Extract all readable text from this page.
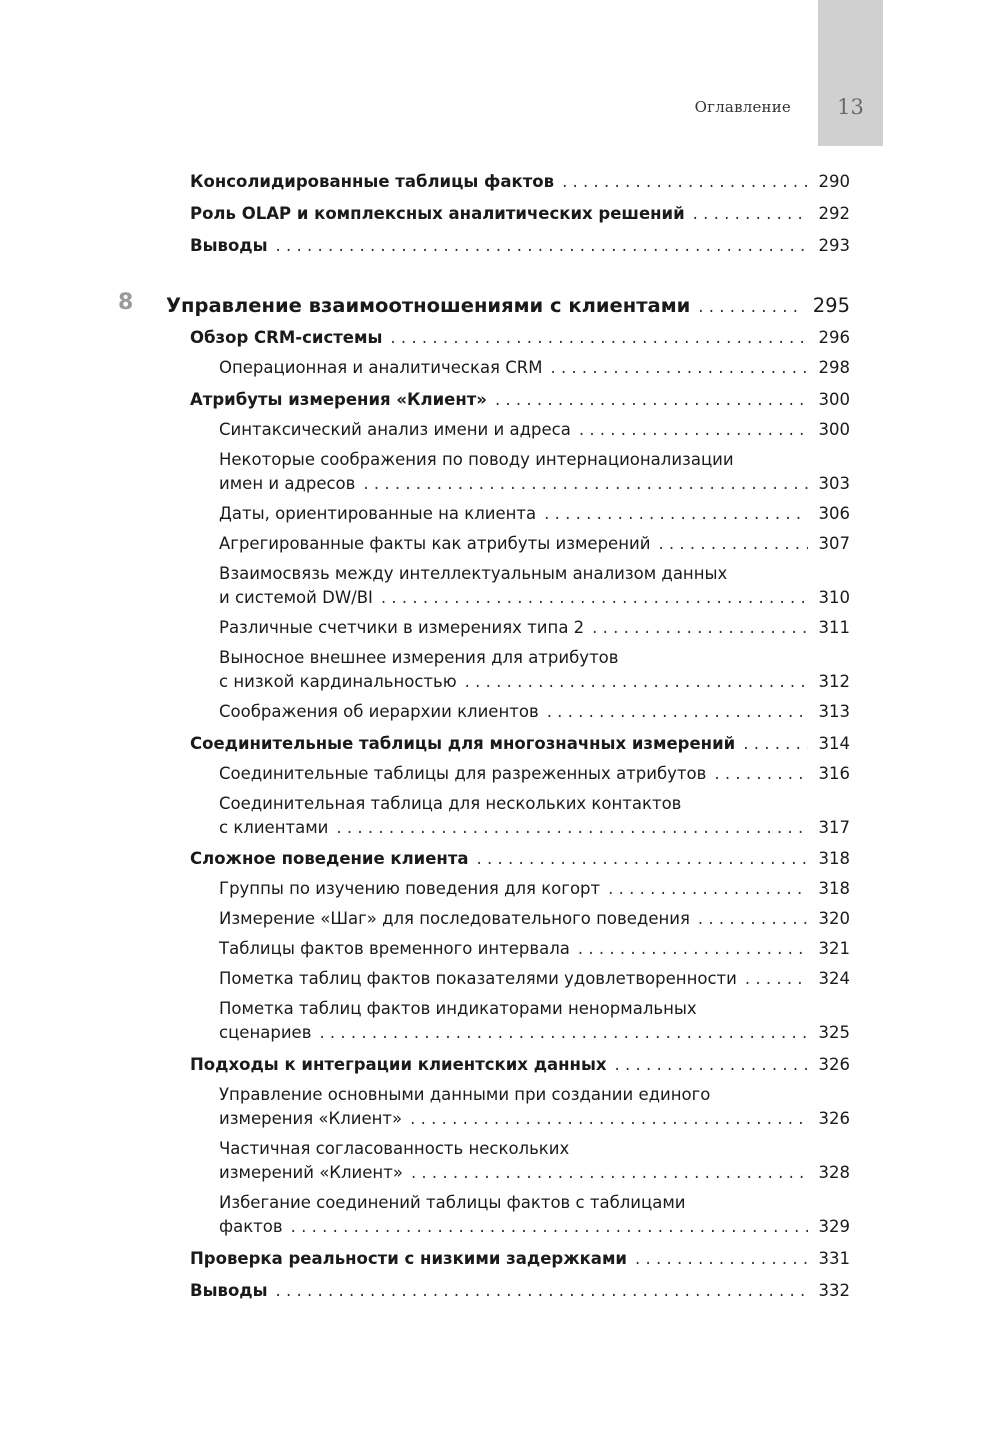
13
Оглавление
8
Консолидированные таблицы фактов . . .	290
Роль OLAP и комплексных аналитических решений . . .	292
Выводы . . .	293
Управление взаимоотношениями с клиентами . . .	295
Обзор CRM-системы . . .	296
Операционная и аналитическая CRM . . .	298
Атрибуты измерения «Клиент» . . .	300
Синтаксический анализ имени и адреса . . .	300
Некоторые соображения по поводу интернационализации
имен и адресов . . .	303
Даты, ориентированные на клиента . . .	306
Агрегированные факты как атрибуты измерений . . .	307
Взаимосвязь между интеллектуальным анализом данных
и системой DW/BI . . .	310
Различные счетчики в измерениях типа 2 . . .	311
Выносное внешнее измерения для атрибутов
с низкой кардинальностью . . .	312
Соображения об иерархии клиентов . . .	313
Соединительные таблицы для многозначных измерений . . .	314
Соединительные таблицы для разреженных атрибутов . . .	316
Соединительная таблица для нескольких контактов
с клиентами . . .	317
Сложное поведение клиента . . .	318
Группы по изучению поведения для когорт . . .	318
Измерение «Шаг» для последовательного поведения . . .	320
Таблицы фактов временного интервала . . .	321
Пометка таблиц фактов показателями удовлетворенности . . .	324
Пометка таблиц фактов индикаторами ненормальных
сценариев . . .	325
Подходы к интеграции клиентских данных . . .	326
Управление основными данными при создании единого
измерения «Клиент» . . .	326
Частичная согласованность нескольких
измерений «Клиент» . . .	328
Избегание соединений таблицы фактов с таблицами
фактов . . .	329
Проверка реальности с низкими задержками . . .	331
Выводы . . .	332
